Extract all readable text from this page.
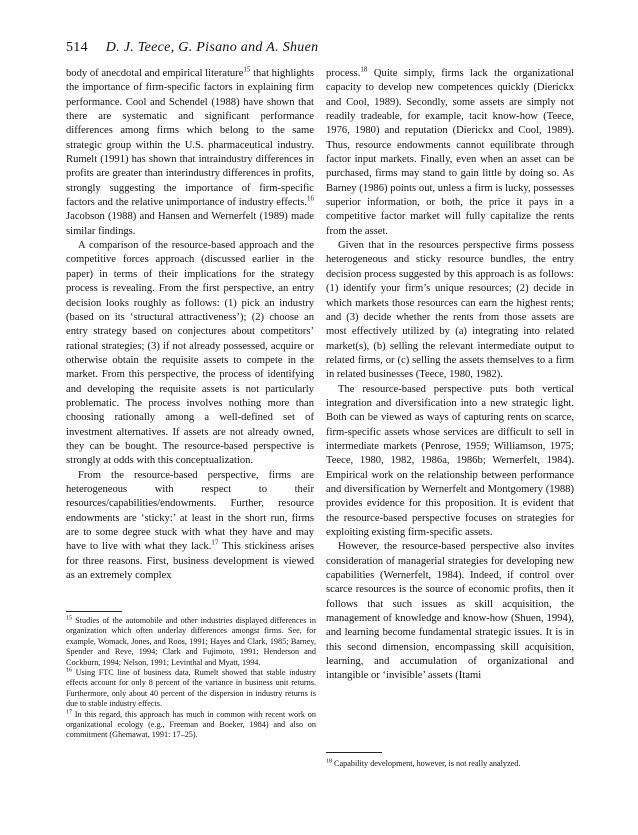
514 D. J. Teece, G. Pisano and A. Shuen

body of anecdotal and empirical literature$^{15}$ that highlights the importance of firm-specific factors in explaining firm performance. Cool and Schendel (1988) have shown that there are systematic and significant performance differences among firms which belong to the same strategic group within the U.S. pharmaceutical industry. Rumelt (1991) has shown that intraindustry differences in profits are greater than interindustry differences in profits, strongly suggesting the importance of firm-specific factors and the relative unimportance of industry effects.$^{16}$ Jacobson (1988) and Hansen and Wernerfelt (1989) made similar findings.

A comparison of the resource-based approach and the competitive forces approach (discussed earlier in the paper) in terms of their implications for the strategy process is revealing. From the first perspective, an entry decision looks roughly as follows: (1) pick an industry (based on its ‘structural attractiveness’); (2) choose an entry strategy based on conjectures about competitors’ rational strategies; (3) if not already possessed, acquire or otherwise obtain the requisite assets to compete in the market. From this perspective, the process of identifying and developing the requisite assets is not particularly problematic. The process involves nothing more than choosing rationally among a well-defined set of investment alternatives. If assets are not already owned, they can be bought. The resource-based perspective is strongly at odds with this conceptualization.

From the resource-based perspective, firms are heterogeneous with respect to their resources/capabilities/endowments. Further, resource endowments are ‘sticky:’ at least in the short run, firms are to some degree stuck with what they have and may have to live with what they lack.$^{17}$ This stickiness arises for three reasons. First, business development is viewed as an extremely complex

$^{15}$ Studies of the automobile and other industries displayed differences in organization which often underlay differences amongst firms. See, for example, Womack, Jones, and Roos, 1991; Hayes and Clark, 1985; Barney, Spender and Reve, 1994; Clark and Fujimoto, 1991; Henderson and Cockburn, 1994; Nelson, 1991; Levinthal and Myatt, 1994.

$^{16}$ Using FTC line of business data, Rumelt showed that stable industry effects account for only 8 percent of the variance in business unit returns. Furthermore, only about 40 percent of the dispersion in industry returns is due to stable industry effects.

$^{17}$ In this regard, this approach has much in common with recent work on organizational ecology (e.g., Freeman and Boeker, 1984) and also on commitment (Ghemawat, 1991: 17–25).

process.$^{18}$ Quite simply, firms lack the organizational capacity to develop new competences quickly (Dierickx and Cool, 1989). Secondly, some assets are simply not readily tradeable, for example, tacit know-how (Teece, 1976, 1980) and reputation (Dierickx and Cool, 1989). Thus, resource endowments cannot equilibrate through factor input markets. Finally, even when an asset can be purchased, firms may stand to gain little by doing so. As Barney (1986) points out, unless a firm is lucky, possesses superior information, or both, the price it pays in a competitive factor market will fully capitalize the rents from the asset.

Given that in the resources perspective firms possess heterogeneous and sticky resource bundles, the entry decision process suggested by this approach is as follows: (1) identify your firm’s unique resources; (2) decide in which markets those resources can earn the highest rents; and (3) decide whether the rents from those assets are most effectively utilized by (a) integrating into related market(s), (b) selling the relevant intermediate output to related firms, or (c) selling the assets themselves to a firm in related businesses (Teece, 1980, 1982).

The resource-based perspective puts both vertical integration and diversification into a new strategic light. Both can be viewed as ways of capturing rents on scarce, firm-specific assets whose services are difficult to sell in intermediate markets (Penrose, 1959; Williamson, 1975; Teece, 1980, 1982, 1986a, 1986b; Wernerfelt, 1984). Empirical work on the relationship between performance and diversification by Wernerfelt and Montgomery (1988) provides evidence for this proposition. It is evident that the resource-based perspective focuses on strategies for exploiting existing firm-specific assets.

However, the resource-based perspective also invites consideration of managerial strategies for developing new capabilities (Wernerfelt, 1984). Indeed, if control over scarce resources is the source of economic profits, then it follows that such issues as skill acquisition, the management of knowledge and know-how (Shuen, 1994), and learning become fundamental strategic issues. It is in this second dimension, encompassing skill acquisition, learning, and accumulation of organizational and intangible or ‘invisible’ assets (Itami

$^{18}$ Capability development, however, is not really analyzed.
